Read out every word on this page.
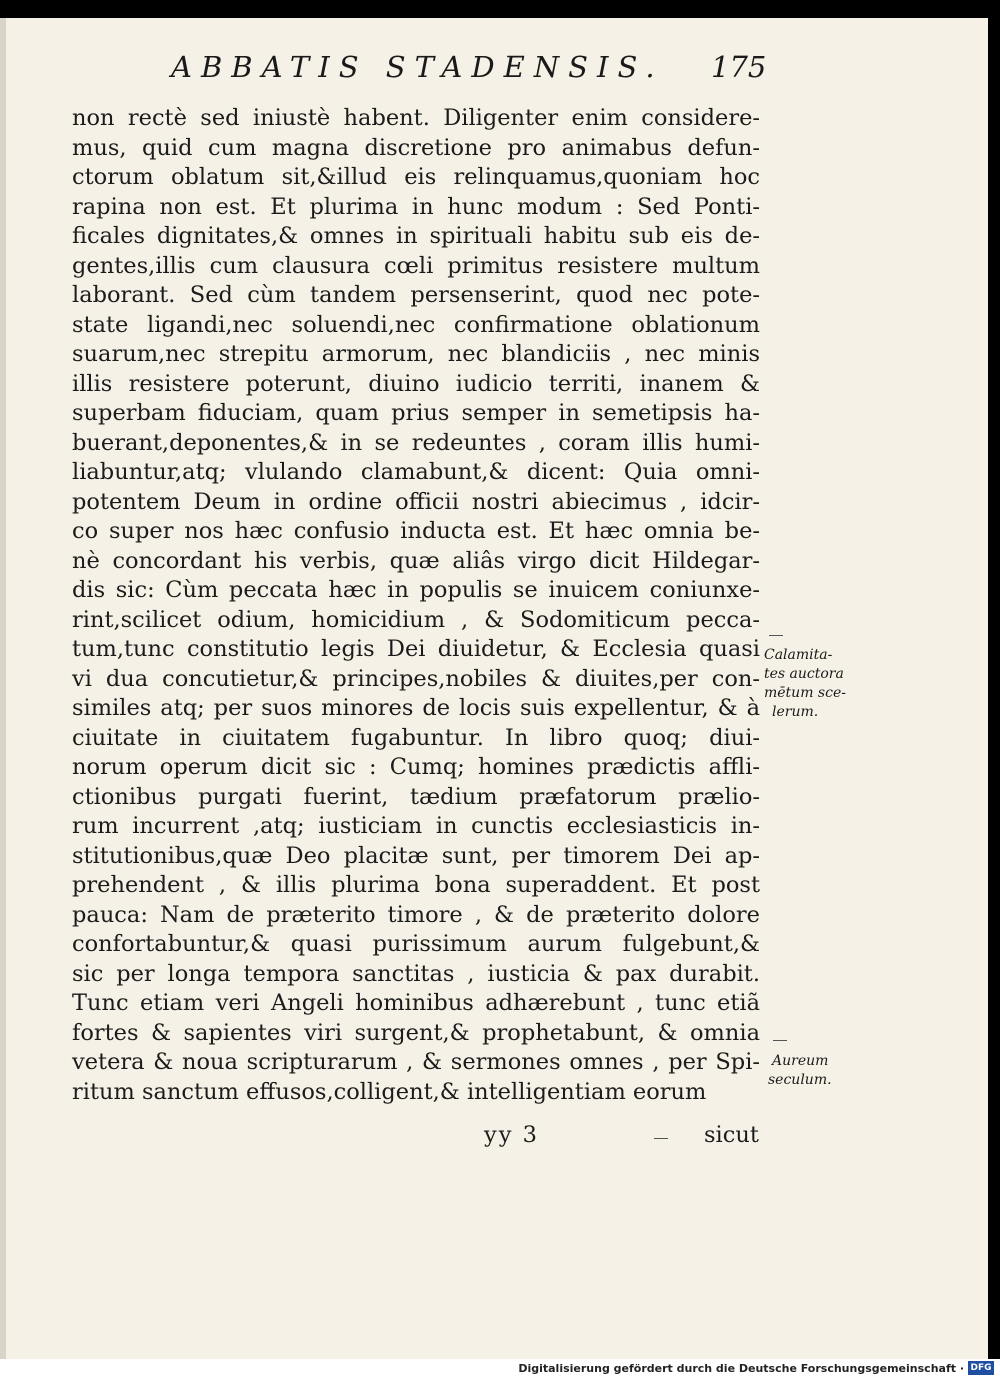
ABBATIS STADENSIS. 175
non rectè sed iniustè habent. Diligenter enim considere-
mus, quid cum magna discretione pro animabus defun-
ctorum oblatum sit,&illud eis relinquamus,quoniam hoc
rapina non est. Et plurima in hunc modum : Sed Ponti-
ficales dignitates,& omnes in spirituali habitu sub eis de-
gentes,illis cum clausura cœli primitus resistere multum
laborant. Sed cùm tandem persenserint, quod nec pote-
state ligandi,nec soluendi,nec confirmatione oblationum
suarum,nec strepitu armorum, nec blandiciis , nec minis
illis resistere poterunt, diuino iudicio territi, inanem &
superbam fiduciam, quam prius semper in semetipsis ha-
buerant,deponentes,& in se redeuntes , coram illis humi-
liabuntur,atq; vlulando clamabunt,& dicent: Quia omni-
potentem Deum in ordine officii nostri abiecimus , idcir-
co super nos hæc confusio inducta est. Et hæc omnia be-
nè concordant his verbis, quæ aliâs virgo dicit Hildegar-
dis sic: Cùm peccata hæc in populis se inuicem coniunxe-
rint,scilicet odium, homicidium , & Sodomiticum pecca-
tum,tunc constitutio legis Dei diuidetur, & Ecclesia quasi
vi dua concutietur,& principes,nobiles & diuites,per con-
similes atq; per suos minores de locis suis expellentur, & à
ciuitate in ciuitatem fugabuntur. In libro quoq; diui-
norum operum dicit sic : Cumq; homines prædictis affli-
ctionibus purgati fuerint, tædium præfatorum prælio-
rum incurrent ,atq; iusticiam in cunctis ecclesiasticis in-
stitutionibus,quæ Deo placitæ sunt, per timorem Dei ap-
prehendent , & illis plurima bona superaddent. Et post
pauca: Nam de præterito timore , & de præterito dolore
confortabuntur,& quasi purissimum aurum fulgebunt,&
sic per longa tempora sanctitas , iusticia & pax durabit.
Tunc etiam veri Angeli hominibus adhærebunt , tunc etiã
fortes & sapientes viri surgent,& prophetabunt, & omnia
vetera & noua scripturarum , & sermones omnes , per Spi-
ritum sanctum effusos,colligent,& intelligentiam eorum
Calamita-
tes auctora
mētum sce-
lerum.
Aureum
seculum.
yy 3	sicut
Digitalisierung gefördert durch die Deutsche Forschungsgemeinschaft · DFG
